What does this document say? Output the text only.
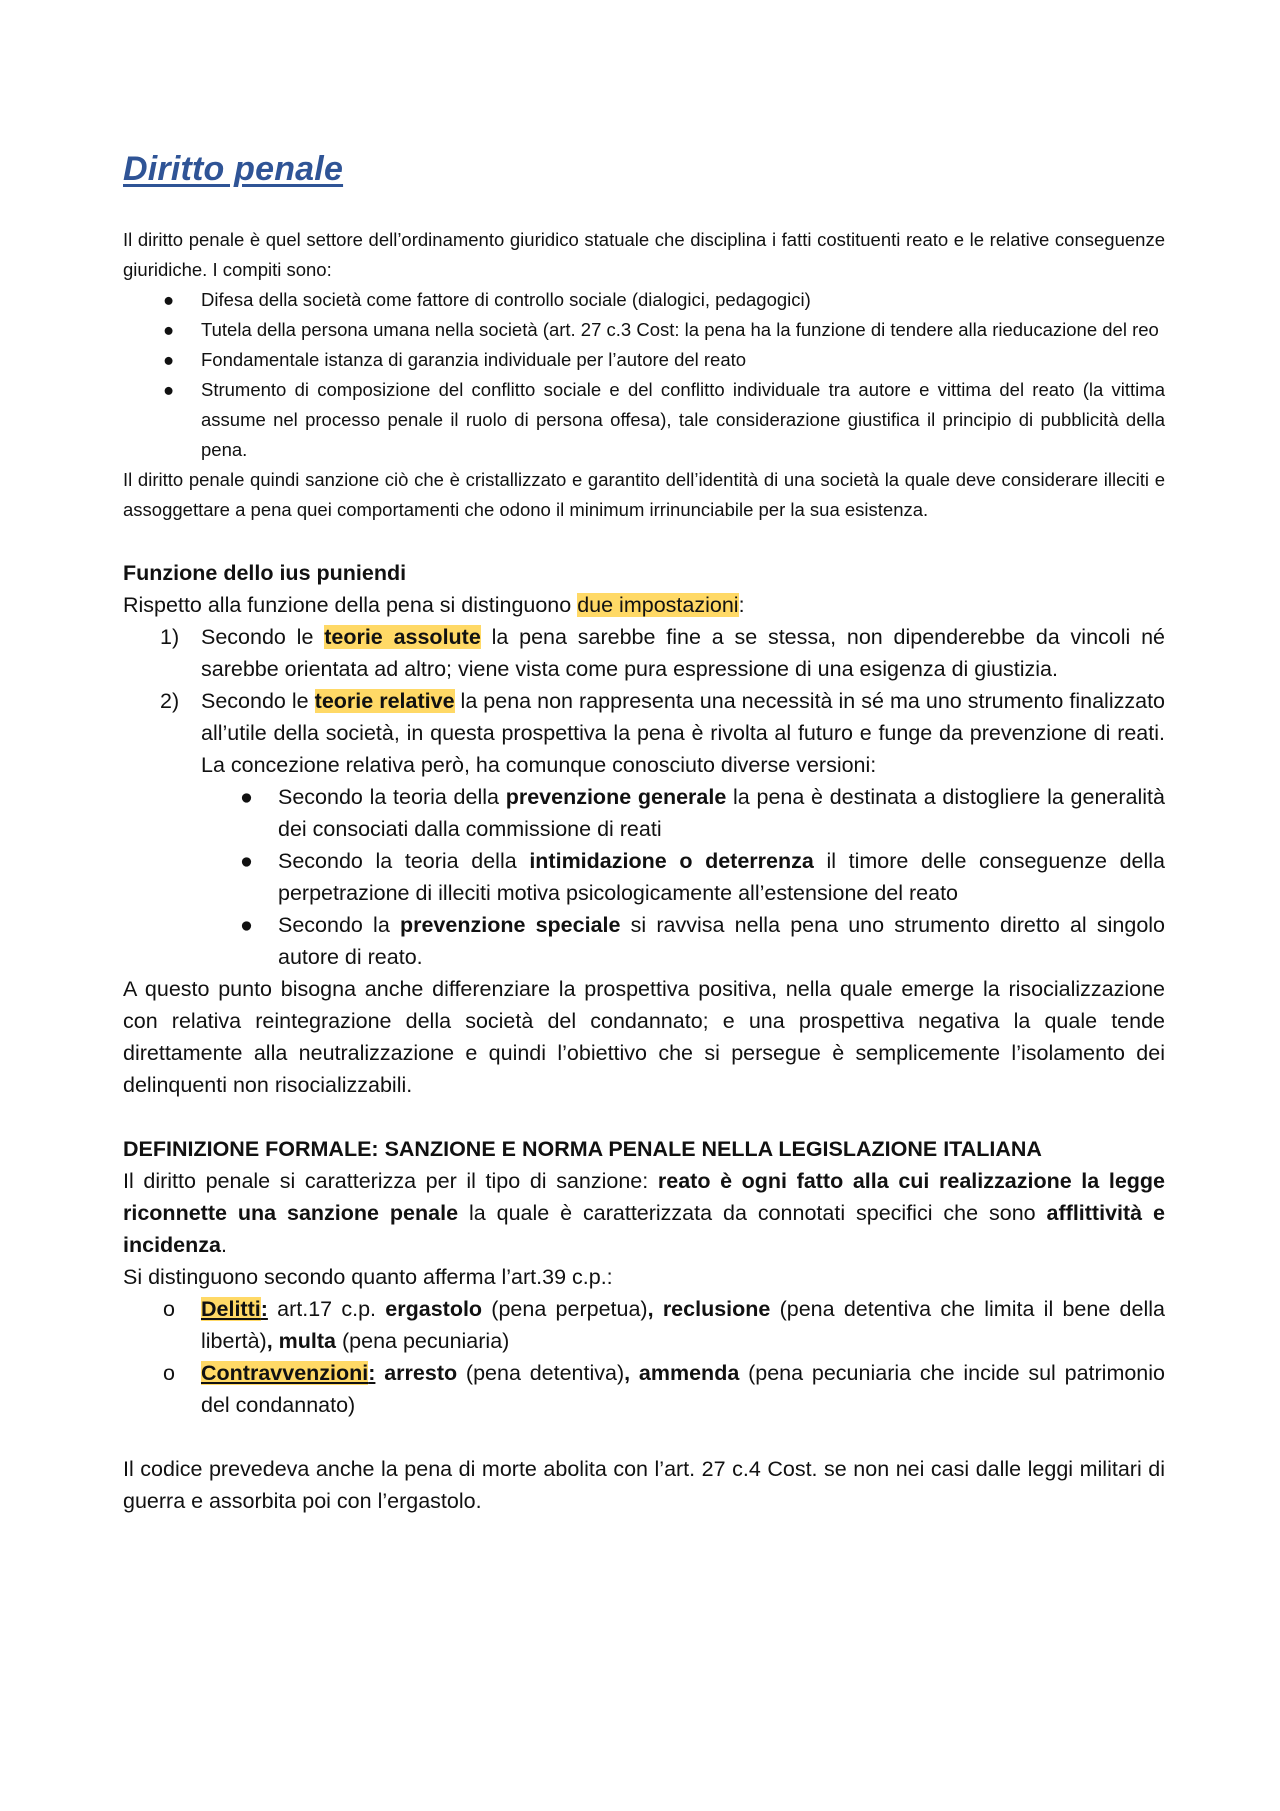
Diritto penale

Il diritto penale è quel settore dell’ordinamento giuridico statuale che disciplina i fatti costituenti reato e le relative conseguenze giuridiche. I compiti sono:

● Difesa della società come fattore di controllo sociale (dialogici, pedagogici)
● Tutela della persona umana nella società (art. 27 c.3 Cost: la pena ha la funzione di tendere alla rieducazione del reo
● Fondamentale istanza di garanzia individuale per l’autore del reato
● Strumento di composizione del conflitto sociale e del conflitto individuale tra autore e vittima del reato (la vittima assume nel processo penale il ruolo di persona offesa), tale considerazione giustifica il principio di pubblicità della pena.

Il diritto penale quindi sanzione ciò che è cristallizzato e garantito dell’identità di una società la quale deve considerare illeciti e assoggettare a pena quei comportamenti che odono il minimum irrinunciabile per la sua esistenza.

Funzione dello ius puniendi

Rispetto alla funzione della pena si distinguono due impostazioni:

1) Secondo le teorie assolute la pena sarebbe fine a se stessa, non dipenderebbe da vincoli né sarebbe orientata ad altro; viene vista come pura espressione di una esigenza di giustizia.
2) Secondo le teorie relative la pena non rappresenta una necessità in sé ma uno strumento finalizzato all’utile della società, in questa prospettiva la pena è rivolta al futuro e funge da prevenzione di reati. La concezione relativa però, ha comunque conosciuto diverse versioni:
● Secondo la teoria della prevenzione generale la pena è destinata a distogliere la generalità dei consociati dalla commissione di reati
● Secondo la teoria della intimidazione o deterrenza il timore delle conseguenze della perpetrazione di illeciti motiva psicologicamente all’estensione del reato
● Secondo la prevenzione speciale si ravvisa nella pena uno strumento diretto al singolo autore di reato.

A questo punto bisogna anche differenziare la prospettiva positiva, nella quale emerge la risocializzazione con relativa reintegrazione della società del condannato; e una prospettiva negativa la quale tende direttamente alla neutralizzazione e quindi l’obiettivo che si persegue è semplicemente l’isolamento dei delinquenti non risocializzabili.

DEFINIZIONE FORMALE: SANZIONE E NORMA PENALE NELLA LEGISLAZIONE ITALIANA

Il diritto penale si caratterizza per il tipo di sanzione: reato è ogni fatto alla cui realizzazione la legge riconnette una sanzione penale la quale è caratterizzata da connotati specifici che sono afflittività e incidenza.

Si distinguono secondo quanto afferma l’art.39 c.p.:

o Delitti: art.17 c.p. ergastolo (pena perpetua), reclusione (pena detentiva che limita il bene della libertà), multa (pena pecuniaria)
o Contravvenzioni: arresto (pena detentiva), ammenda (pena pecuniaria che incide sul patrimonio del condannato)

Il codice prevedeva anche la pena di morte abolita con l’art. 27 c.4 Cost. se non nei casi dalle leggi militari di guerra e assorbita poi con l’ergastolo.
